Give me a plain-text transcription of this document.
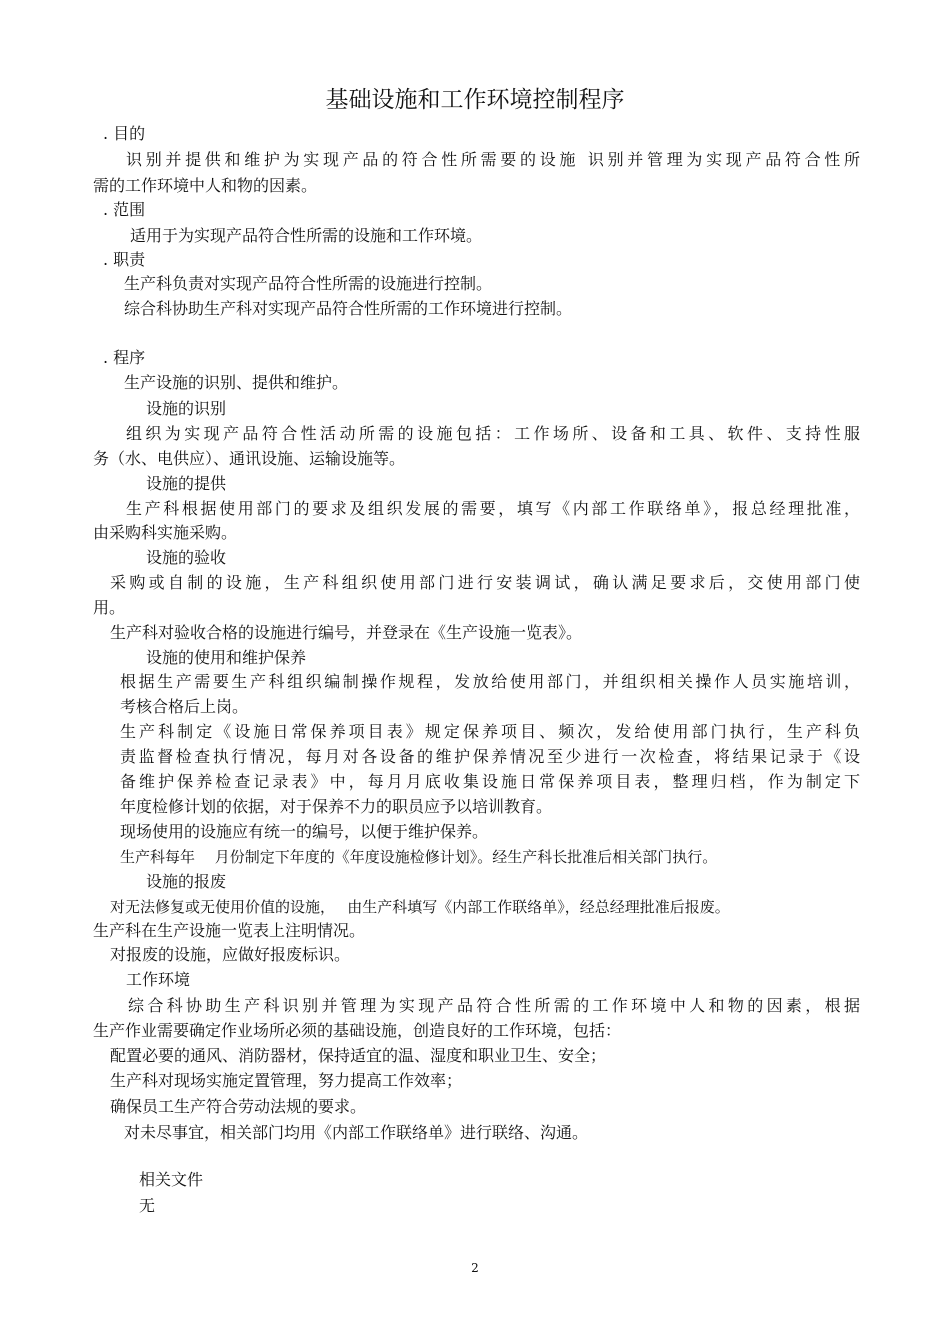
基础设施和工作环境控制程序
. 目的
识别并提供和维护为实现产品的符合性所需要的设施 识别并管理为实现产品符合性所
需的工作环境中人和物的因素。
. 范围
适用于为实现产品符合性所需的设施和工作环境。
. 职责
生产科负责对实现产品符合性所需的设施进行控制。
综合科协助生产科对实现产品符合性所需的工作环境进行控制。
. 程序
生产设施的识别、提供和维护。
设施的识别
组织为实现产品符合性活动所需的设施包括：工作场所、设备和工具、软件、支持性服
务（水、电供应）、通讯设施、运输设施等。
设施的提供
生产科根据使用部门的要求及组织发展的需要，填写《内部工作联络单》，报总经理批准，
由采购科实施采购。
设施的验收
采购或自制的设施，生产科组织使用部门进行安装调试，确认满足要求后，交使用部门使
用。
生产科对验收合格的设施进行编号，并登录在《生产设施一览表》。
设施的使用和维护保养
根据生产需要生产科组织编制操作规程，发放给使用部门，并组织相关操作人员实施培训，
考核合格后上岗。
生产科制定《设施日常保养项目表》规定保养项目、频次，发给使用部门执行，生产科负
责监督检查执行情况，每月对各设备的维护保养情况至少进行一次检查，将结果记录于《设
备维护保养检查记录表》中，每月月底收集设施日常保养项目表，整理归档，作为制定下
年度检修计划的依据，对于保养不力的职员应予以培训教育。
现场使用的设施应有统一的编号，以便于维护保养。
生产科每年　 月份制定下年度的《年度设施检修计划》。经生产科长批准后相关部门执行。
设施的报废
对无法修复或无使用价值的设施，　 由生产科填写《内部工作联络单》，经总经理批准后报废。
生产科在生产设施一览表上注明情况。
对报废的设施，应做好报废标识。
工作环境
综合科协助生产科识别并管理为实现产品符合性所需的工作环境中人和物的因素，根据
生产作业需要确定作业场所必须的基础设施，创造良好的工作环境，包括：
配置必要的通风、消防器材，保持适宜的温、湿度和职业卫生、安全；
生产科对现场实施定置管理，努力提高工作效率；
确保员工生产符合劳动法规的要求。
对未尽事宜，相关部门均用《内部工作联络单》进行联络、沟通。
相关文件
无
2
